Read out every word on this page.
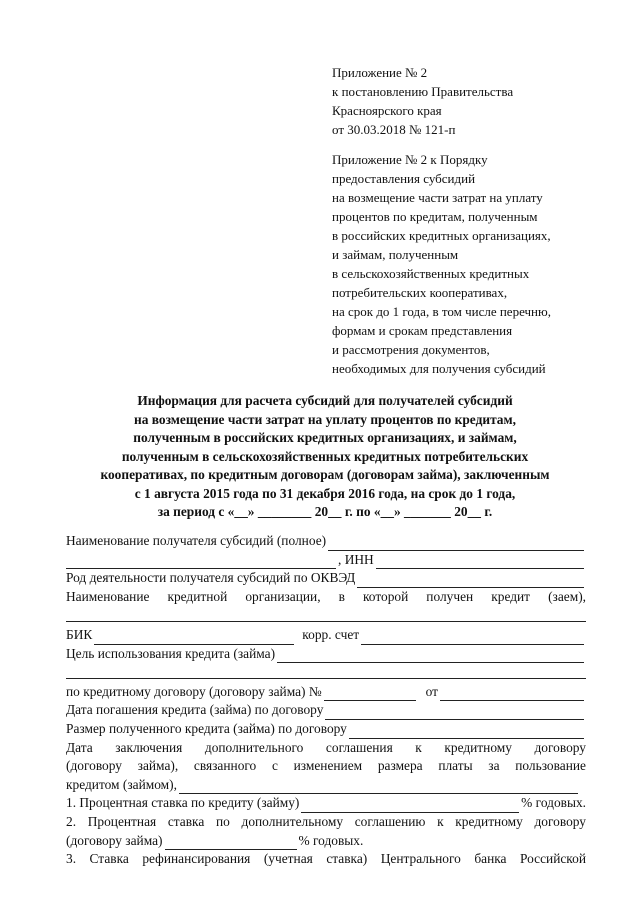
Приложение № 2
к постановлению Правительства
Красноярского края
от 30.03.2018 № 121-п
Приложение № 2 к Порядку
предоставления субсидий
на возмещение части затрат на уплату
процентов по кредитам, полученным
в российских кредитных организациях,
и займам, полученным
в сельскохозяйственных кредитных
потребительских кооперативах,
на срок до 1 года, в том числе перечню,
формам и срокам представления
и рассмотрения документов,
необходимых для получения субсидий
Информация для расчета субсидий для получателей субсидий
на возмещение части затрат на уплату процентов по кредитам,
полученным в российских кредитных организациях, и займам,
полученным в сельскохозяйственных кредитных потребительских
кооперативах, по кредитным договорам (договорам займа), заключенным
с 1 августа 2015 года по 31 декабря 2016 года, на срок до 1 года,
за период с «__» ________ 20__ г. по «__» _______ 20__ г.
Наименование получателя субсидий (полное)
, ИНН
Род деятельности получателя субсидий по ОКВЭД
Наименование кредитной организации, в которой получен кредит (заем),
БИК	корр. счет
Цель использования кредита (займа)
по кредитному договору (договору займа) №	от
Дата погашения кредита (займа) по договору
Размер полученного кредита (займа) по договору
Дата заключения дополнительного соглашения к кредитному договору
(договору займа), связанного с изменением размера платы за пользование
кредитом (займом),
1. Процентная ставка по кредиту (займу)	% годовых.
2. Процентная ставка по дополнительному соглашению к кредитному договору
(договору займа)	% годовых.
3. Ставка рефинансирования (учетная ставка) Центрального банка Российской
